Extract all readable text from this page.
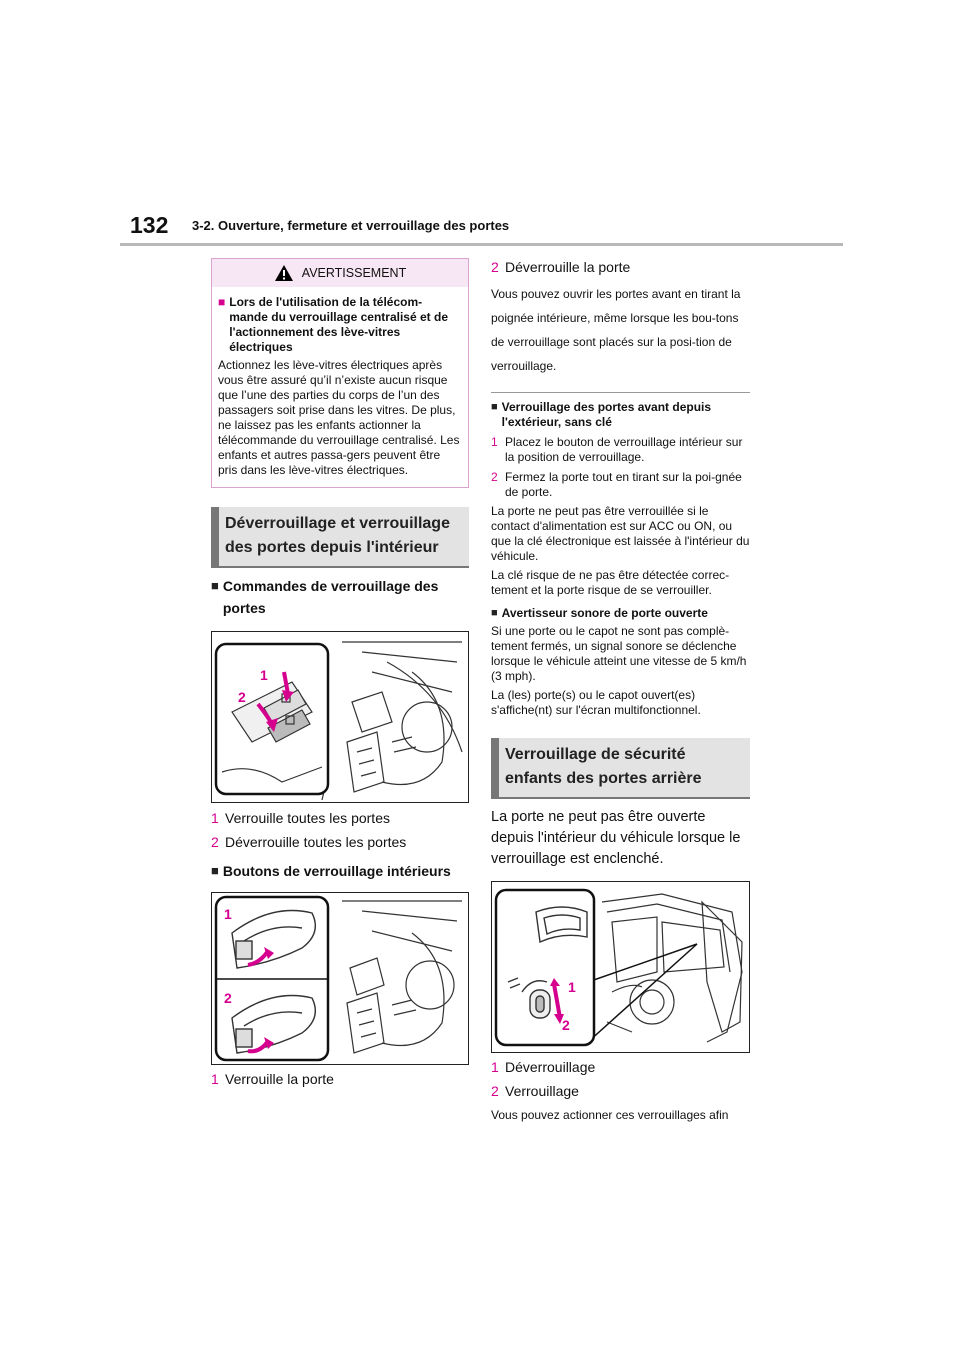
132 3-2. Ouverture, fermeture et verrouillage des portes
AVERTISSEMENT
■ Lors de l'utilisation de la télécom-mande du verrouillage centralisé et de l'actionnement des lève-vitres électriques
Actionnez les lève-vitres électriques après vous être assuré qu’il n’existe aucun risque que l’une des parties du corps de l’un des passagers soit prise dans les vitres. De plus, ne laissez pas les enfants actionner la télécommande du verrouillage centralisé. Les enfants et autres passa-gers peuvent être pris dans les lève-vitres électriques.
Déverrouillage et verrouillage des portes depuis l'intérieur
■ Commandes de verrouillage des portes
1
2
1 Verrouille toutes les portes
2 Déverrouille toutes les portes
■ Boutons de verrouillage intérieurs
1
2
1 Verrouille la porte
2 Déverrouille la porte
Vous pouvez ouvrir les portes avant en tirant la poignée intérieure, même lorsque les bou-tons de verrouillage sont placés sur la posi-tion de verrouillage.
■ Verrouillage des portes avant depuis l'extérieur, sans clé
1 Placez le bouton de verrouillage intérieur sur la position de verrouillage.
2 Fermez la porte tout en tirant sur la poi-gnée de porte.
La porte ne peut pas être verrouillée si le contact d'alimentation est sur ACC ou ON, ou que la clé électronique est laissée à l'intérieur du véhicule.
La clé risque de ne pas être détectée correc-tement et la porte risque de se verrouiller.
■ Avertisseur sonore de porte ouverte
Si une porte ou le capot ne sont pas complè-tement fermés, un signal sonore se déclenche lorsque le véhicule atteint une vitesse de 5 km/h (3 mph).
La (les) porte(s) ou le capot ouvert(es) s'affiche(nt) sur l'écran multifonctionnel.
Verrouillage de sécurité enfants des portes arrière
La porte ne peut pas être ouverte depuis l'intérieur du véhicule lorsque le verrouillage est enclenché.
1
2
1 Déverrouillage
2 Verrouillage
Vous pouvez actionner ces verrouillages afin
